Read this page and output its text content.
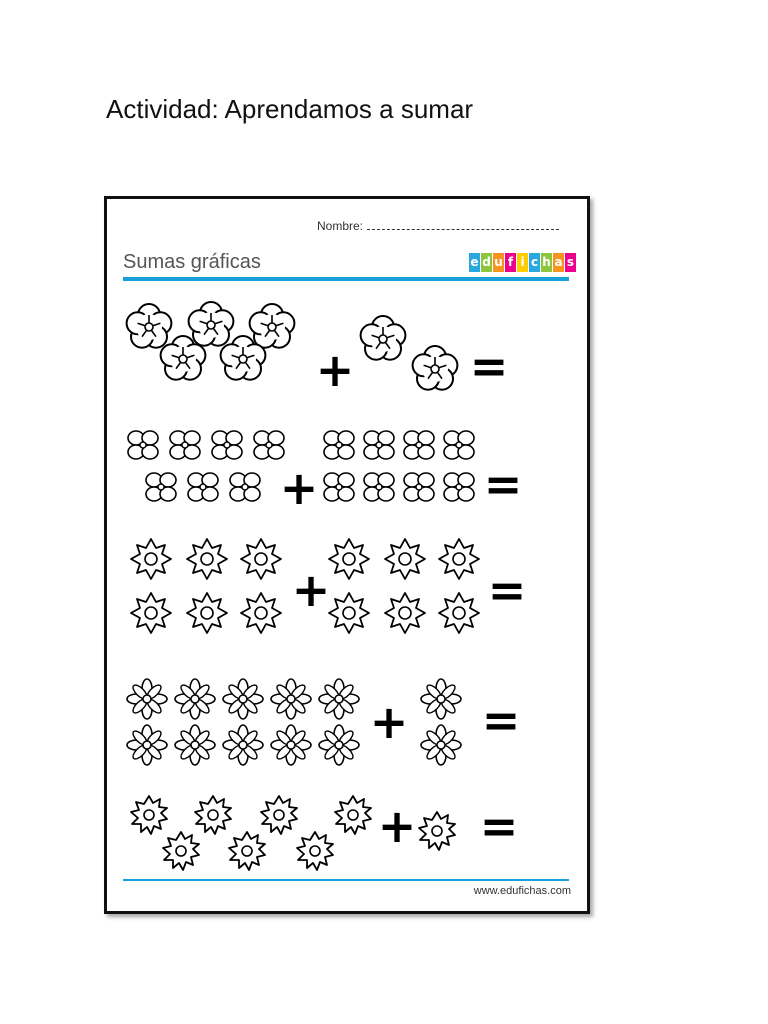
Actividad: Aprendamos a sumar
Nombre:
Sumas gráficas	e d u f i c h a s
+	=
+	=
+	=
+ =
+ =
www.edufichas.com
